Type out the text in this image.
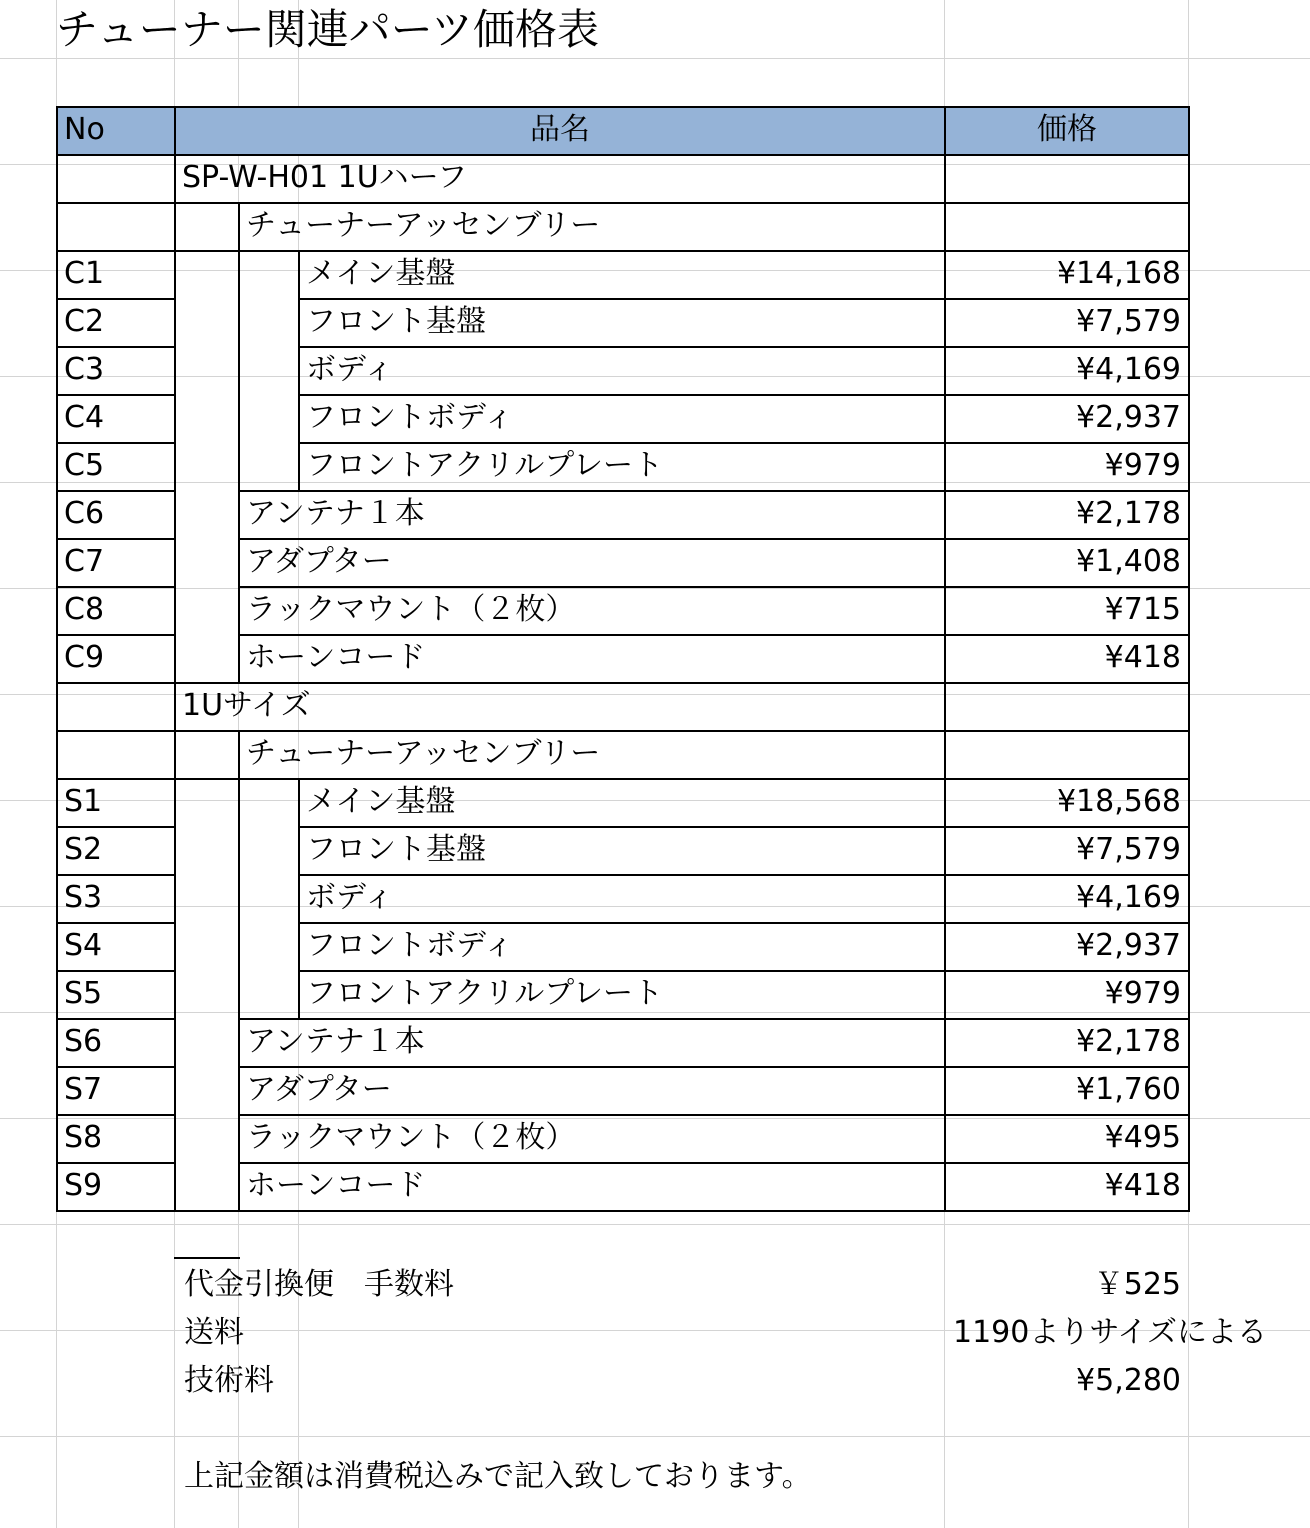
チューナー関連パーツ価格表
No	品名	価格
SP-W-H01 1Uハーフ
チューナーアッセンブリー
C1	メイン基盤	¥14,168
C2	フロント基盤	¥7,579
C3	ボディ	¥4,169
C4	フロントボディ	¥2,937
C5	フロントアクリルプレート	¥979
C6	アンテナ１本	¥2,178
C7	アダプター	¥1,408
C8	ラックマウント（２枚）	¥715
C9	ホーンコード	¥418
1Uサイズ
チューナーアッセンブリー
S1	メイン基盤	¥18,568
S2	フロント基盤	¥7,579
S3	ボディ	¥4,169
S4	フロントボディ	¥2,937
S5	フロントアクリルプレート	¥979
S6	アンテナ１本	¥2,178
S7	アダプター	¥1,760
S8	ラックマウント（２枚）	¥495
S9	ホーンコード	¥418
代金引換便　手数料	￥525
送料	1190よりサイズによる
技術料	¥5,280
上記金額は消費税込みで記入致しております。
